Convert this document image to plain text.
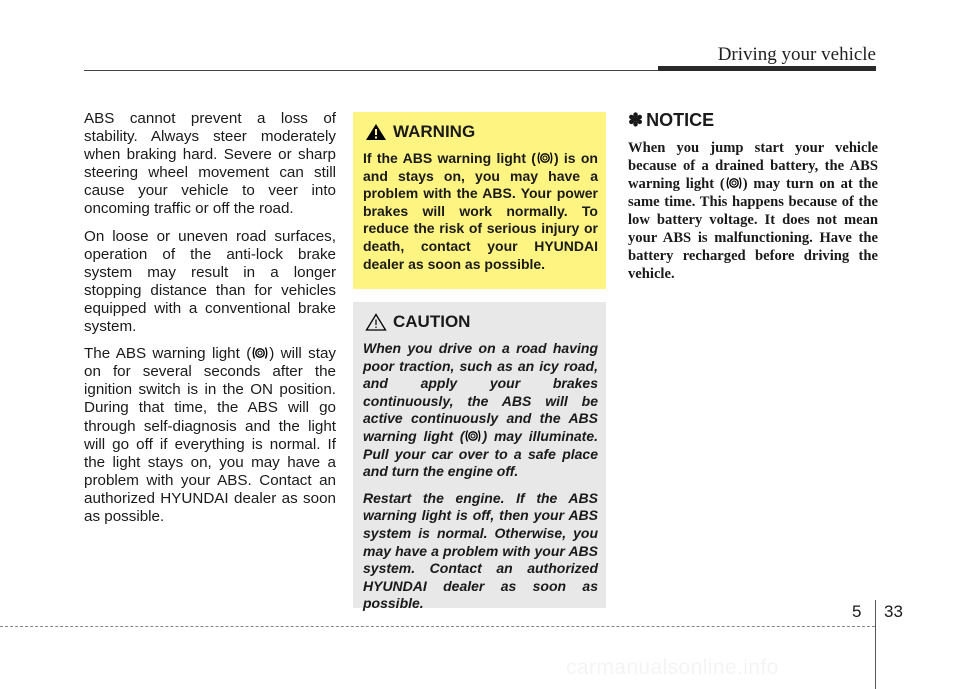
Driving your vehicle

ABS cannot prevent a loss of stability. Always steer moderately when braking hard. Severe or sharp steering wheel movement can still cause your vehicle to veer into oncoming traffic or off the road.

On loose or uneven road surfaces, operation of the anti-lock brake system may result in a longer stopping distance than for vehicles equipped with a conventional brake system.

The ABS warning light ( ) will stay on for several seconds after the ignition switch is in the ON position. During that time, the ABS will go through self-diagnosis and the light will go off if everything is normal. If the light stays on, you may have a problem with your ABS. Contact an authorized HYUNDAI dealer as soon as possible.

WARNING

If the ABS warning light ( ) is on and stays on, you may have a problem with the ABS. Your power brakes will work normally. To reduce the risk of serious injury or death, contact your HYUNDAI dealer as soon as possible.

CAUTION

When you drive on a road having poor traction, such as an icy road, and apply your brakes continuously, the ABS will be active continuously and the ABS warning light ( ) may illuminate. Pull your car over to a safe place and turn the engine off.

Restart the engine. If the ABS warning light is off, then your ABS system is normal. Otherwise, you may have a problem with your ABS system. Contact an authorized HYUNDAI dealer as soon as possible.

✽ NOTICE

When you jump start your vehicle because of a drained battery, the ABS warning light ( ) may turn on at the same time. This happens because of the low battery voltage. It does not mean your ABS is malfunctioning. Have the battery recharged before driving the vehicle.

5 33
carmanualsonline.info
